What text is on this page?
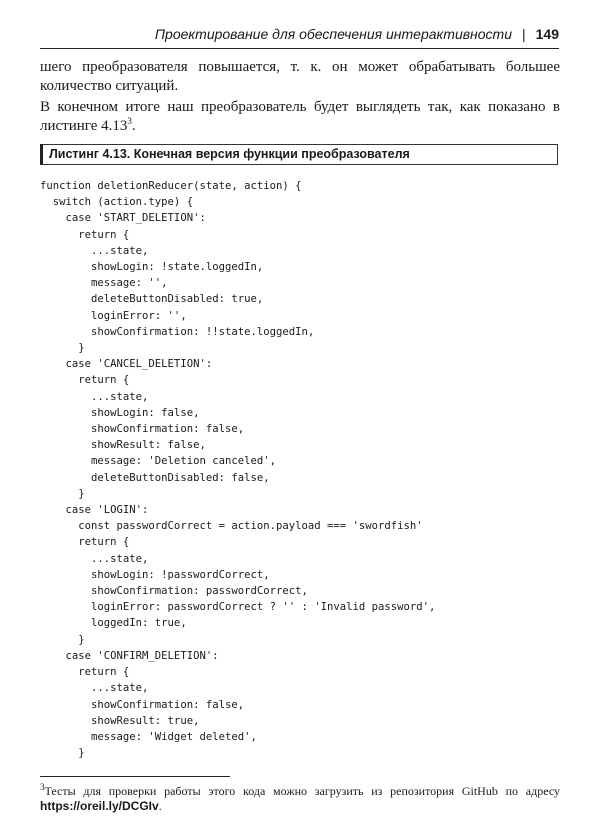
Проектирование для обеспечения интерактивности | 149

шего преобразователя повышается, т. к. он может обрабатывать большее количество ситуаций.

В конечном итоге наш преобразователь будет выглядеть так, как показано в листинге 4.13$^3$.

Листинг 4.13. Конечная версия функции преобразователя
function deletionReducer(state, action) {
switch (action.type) {
case 'START_DELETION':
return {
...state,
showLogin: !state.loggedIn,
message: '',
deleteButtonDisabled: true,
loginError: '',
showConfirmation: !!state.loggedIn,
}
case 'CANCEL_DELETION':
return {
...state,
showLogin: false,
showConfirmation: false,
showResult: false,
message: 'Deletion canceled',
deleteButtonDisabled: false,
}
case 'LOGIN':
const passwordCorrect = action.payload === 'swordfish'
return {
...state,
showLogin: !passwordCorrect,
showConfirmation: passwordCorrect,
loginError: passwordCorrect ? '' : 'Invalid password',
loggedIn: true,
}
case 'CONFIRM_DELETION':
return {
...state,
showConfirmation: false,
showResult: true,
message: 'Widget deleted',
}

$^3$Тесты для проверки работы этого кода можно загрузить из репозитория GitHub по адресу https://oreil.ly/DCGIv.
